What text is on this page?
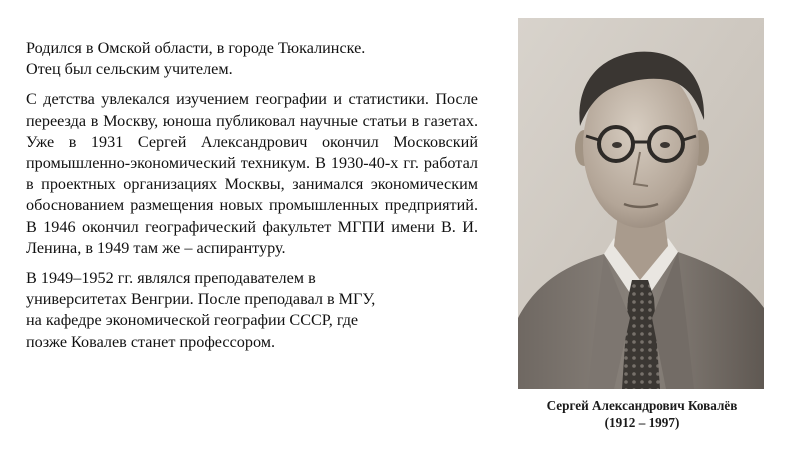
Родился в Омской области, в городе Тюкалинске.
Отец был сельским учителем.
С детства увлекался изучением географии и статистики. После переезда в Москву, юноша публиковал научные статьи в газетах. Уже в 1931 Сергей Александрович окончил Московский промышленно-экономический техникум. В 1930-40-х гг. работал в проектных организациях Москвы, занимался экономическим обоснованием размещения новых промышленных предприятий. В 1946 окончил географический факультет МГПИ имени В. И. Ленина, в 1949 там же – аспирантуру.
В 1949–1952 гг. являлся преподавателем в
университетах Венгрии. После преподавал в МГУ,
на кафедре экономической географии СССР, где
позже Ковалев станет профессором.
Сергей Александрович Ковалёв
(1912 – 1997)
